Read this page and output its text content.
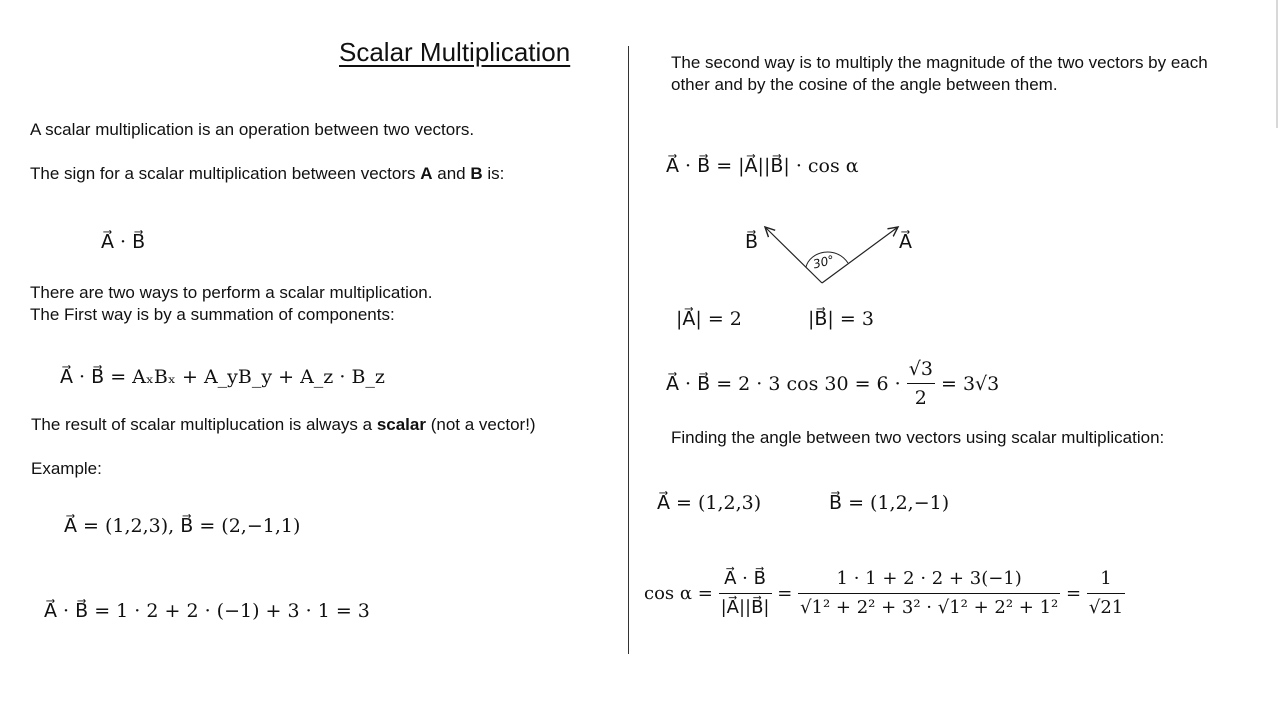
Scalar Multiplication
A scalar multiplication is an operation between two vectors.
The sign for a scalar multiplication between vectors A and B is:
A⃗ · B⃗
There are two ways to perform a scalar multiplication.
The First way is by a summation of components:
A⃗ · B⃗ = AₓBₓ + A_yB_y + A_z · B_z
The result of scalar multiplucation is always a scalar (not a vector!)
Example:
A⃗ = (1,2,3), B⃗ = (2,−1,1)
A⃗ · B⃗ = 1 · 2 + 2 · (−1) + 3 · 1 = 3
The second way is to multiply the magnitude of the two vectors by each other and by the cosine of the angle between them.
A⃗ · B⃗ = |A⃗||B⃗| · cos α
B⃗	A⃗
30°
|A⃗| = 2	|B⃗| = 3
A⃗ · B⃗ = 2 · 3 $\cos 30 = 6 \cdot \frac{√3}{2} = 3√3$
Finding the angle between two vectors using scalar multiplication:
A⃗ = (1,2,3)	B⃗ = (1,2,−1)
$\cos \alpha = \frac{A⃗ \cdot B⃗}{|A⃗||B⃗|} = \frac{1 \cdot 1 + 2 \cdot 2 + 3(-1)}{\text{√1² + 2² + 3² · √1² + 2² + 1²}} = \frac{1}{√21}$
